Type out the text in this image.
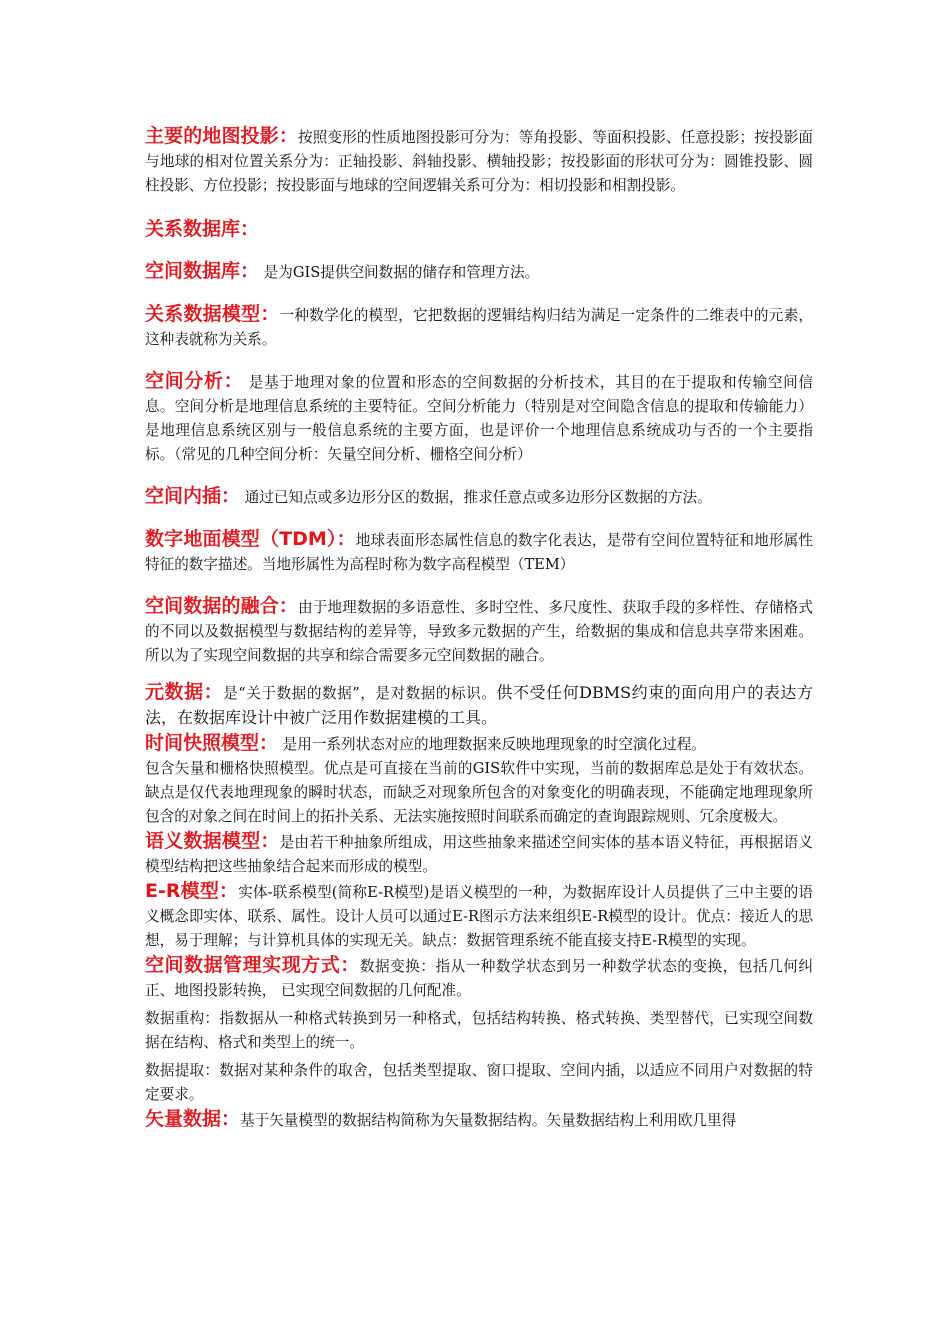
主要的地图投影：按照变形的性质地图投影可分为：等角投影、等面积投影、任意投影；按投影面与地球的相对位置关系分为：正轴投影、斜轴投影、横轴投影；按投影面的形状可分为：圆锥投影、圆柱投影、方位投影；按投影面与地球的空间逻辑关系可分为：相切投影和相割投影。

关系数据库：

空间数据库： 是为GIS提供空间数据的储存和管理方法。

关系数据模型：一种数学化的模型，它把数据的逻辑结构归结为满足一定条件的二维表中的元素，这种表就称为关系。

空间分析： 是基于地理对象的位置和形态的空间数据的分析技术，其目的在于提取和传输空间信息。空间分析是地理信息系统的主要特征。空间分析能力（特别是对空间隐含信息的提取和传输能力）是地理信息系统区别与一般信息系统的主要方面，也是评价一个地理信息系统成功与否的一个主要指标。（常见的几种空间分析：矢量空间分析、栅格空间分析）

空间内插： 通过已知点或多边形分区的数据，推求任意点或多边形分区数据的方法。

数字地面模型（TDM）：地球表面形态属性信息的数字化表达，是带有空间位置特征和地形属性特征的数字描述。当地形属性为高程时称为数字高程模型（TEM）

空间数据的融合：由于地理数据的多语意性、多时空性、多尺度性、获取手段的多样性、存储格式的不同以及数据模型与数据结构的差异等，导致多元数据的产生，给数据的集成和信息共享带来困难。所以为了实现空间数据的共享和综合需要多元空间数据的融合。

元数据：是“关于数据的数据”，是对数据的标识。供不受任何DBMS约束的面向用户的表达方法，在数据库设计中被广泛用作数据建模的工具。

时间快照模型： 是用一系列状态对应的地理数据来反映地理现象的时空演化过程。

包含矢量和栅格快照模型。优点是可直接在当前的GIS软件中实现，当前的数据库总是处于有效状态。缺点是仅代表地理现象的瞬时状态，而缺乏对现象所包含的对象变化的明确表现，不能确定地理现象所包含的对象之间在时间上的拓扑关系、无法实施按照时间联系而确定的查询跟踪规则、冗余度极大。

语义数据模型：是由若干种抽象所组成，用这些抽象来描述空间实体的基本语义特征，再根据语义模型结构把这些抽象结合起来而形成的模型。

E-R模型：实体-联系模型(简称E-R模型)是语义模型的一种，为数据库设计人员提供了三中主要的语义概念即实体、联系、属性。设计人员可以通过E-R图示方法来组织E-R模型的设计。优点：接近人的思想，易于理解；与计算机具体的实现无关。缺点：数据管理系统不能直接支持E-R模型的实现。

空间数据管理实现方式：数据变换：指从一种数学状态到另一种数学状态的变换，包括几何纠正、地图投影转换， 已实现空间数据的几何配准。

数据重构：指数据从一种格式转换到另一种格式，包括结构转换、格式转换、类型替代，已实现空间数据在结构、格式和类型上的统一。

数据提取：数据对某种条件的取舍，包括类型提取、窗口提取、空间内插，以适应不同用户对数据的特定要求。

矢量数据：基于矢量模型的数据结构简称为矢量数据结构。矢量数据结构上利用欧几里得
